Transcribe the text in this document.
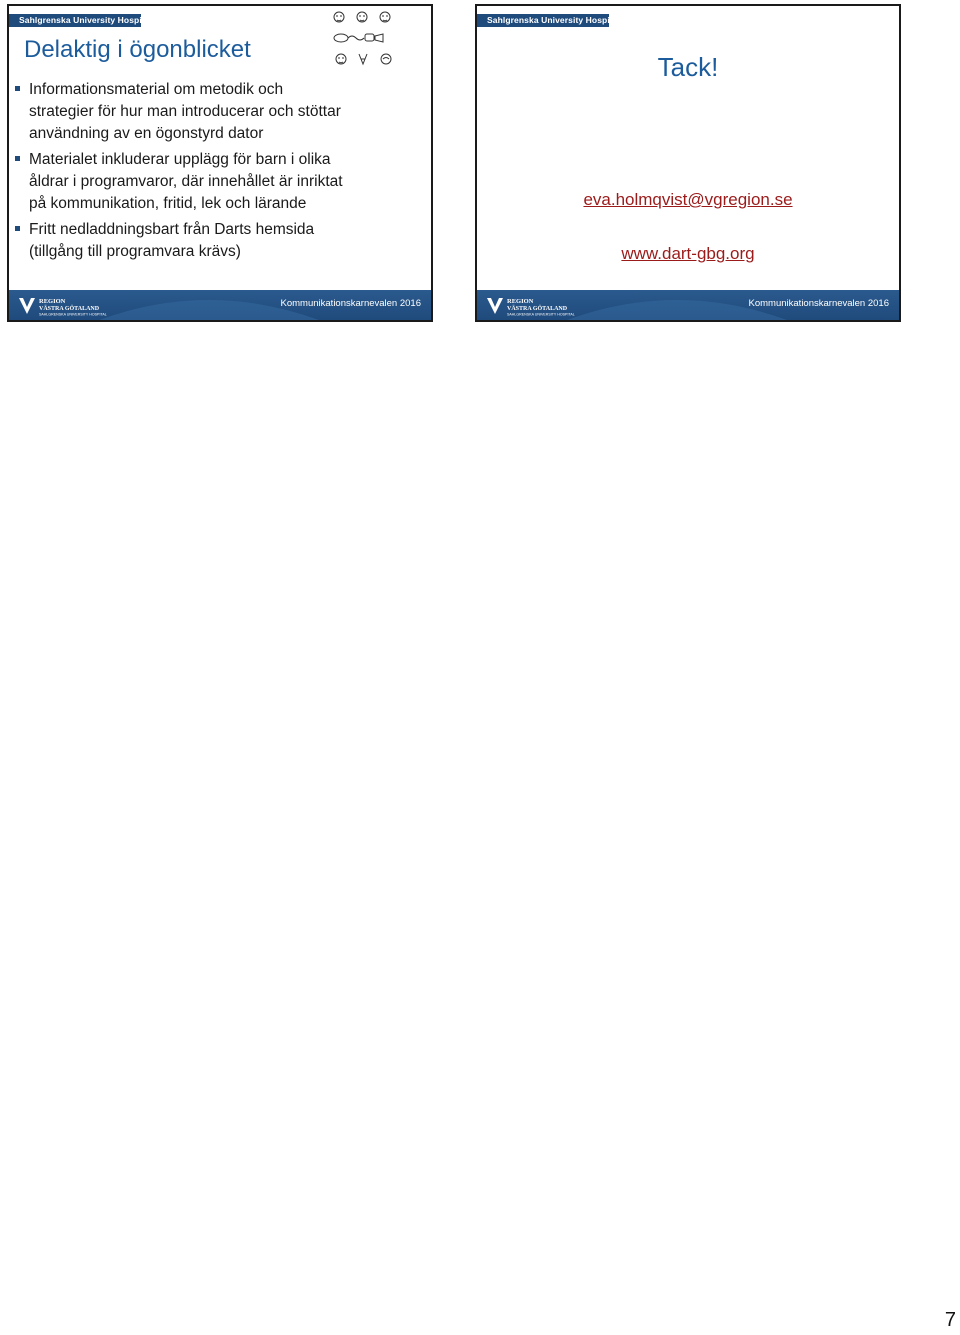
Sahlgrenska University Hospital
Delaktig i ögonblicket
Informationsmaterial om metodik och
strategier för hur man introducerar och stöttar
användning av en ögonstyrd dator
Materialet inkluderar upplägg för barn i olika
åldrar i programvaror, där innehållet är inriktat
på kommunikation, fritid, lek och lärande
Fritt nedladdningsbart från Darts hemsida
(tillgång till programvara krävs)
REGION
VÄSTRA GÖTALAND
SAHLGRENSKA UNIVERSITY HOSPITAL
Kommunikationskarnevalen 2016
Sahlgrenska University Hospital
Tack!
eva.holmqvist@vgregion.se
www.dart-gbg.org
REGION
VÄSTRA GÖTALAND
SAHLGRENSKA UNIVERSITY HOSPITAL
Kommunikationskarnevalen 2016
7
